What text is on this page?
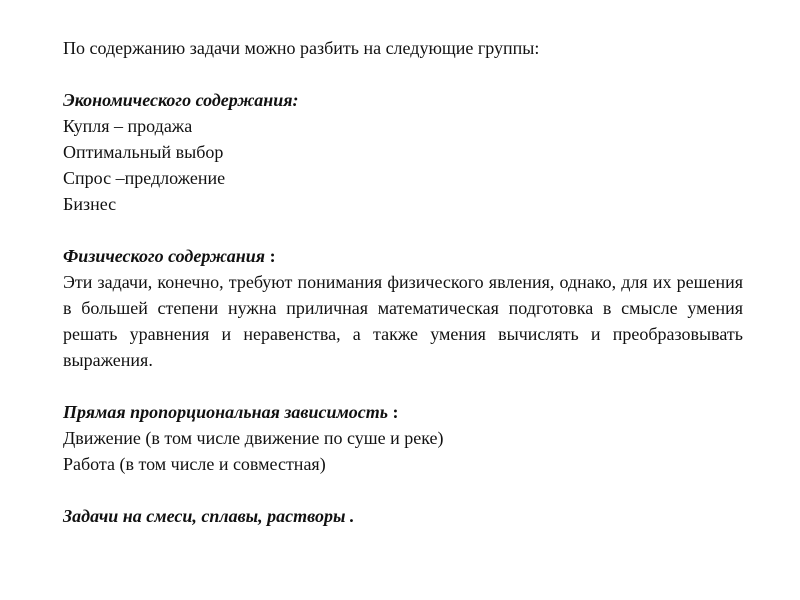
По содержанию задачи можно разбить на следующие группы:
Экономического содержания:
Купля – продажа
Оптимальный выбор
Спрос –предложение
Бизнес
Физического содержания :
Эти задачи, конечно, требуют понимания физического явления, однако, для их решения в большей степени нужна приличная математическая подготовка в смысле умения решать уравнения и неравенства, а также умения вычислять и преобразовывать выражения.
Прямая пропорциональная зависимость :
Движение (в том числе движение по суше и реке)
Работа (в том числе и совместная)
Задачи на смеси, сплавы, растворы .
